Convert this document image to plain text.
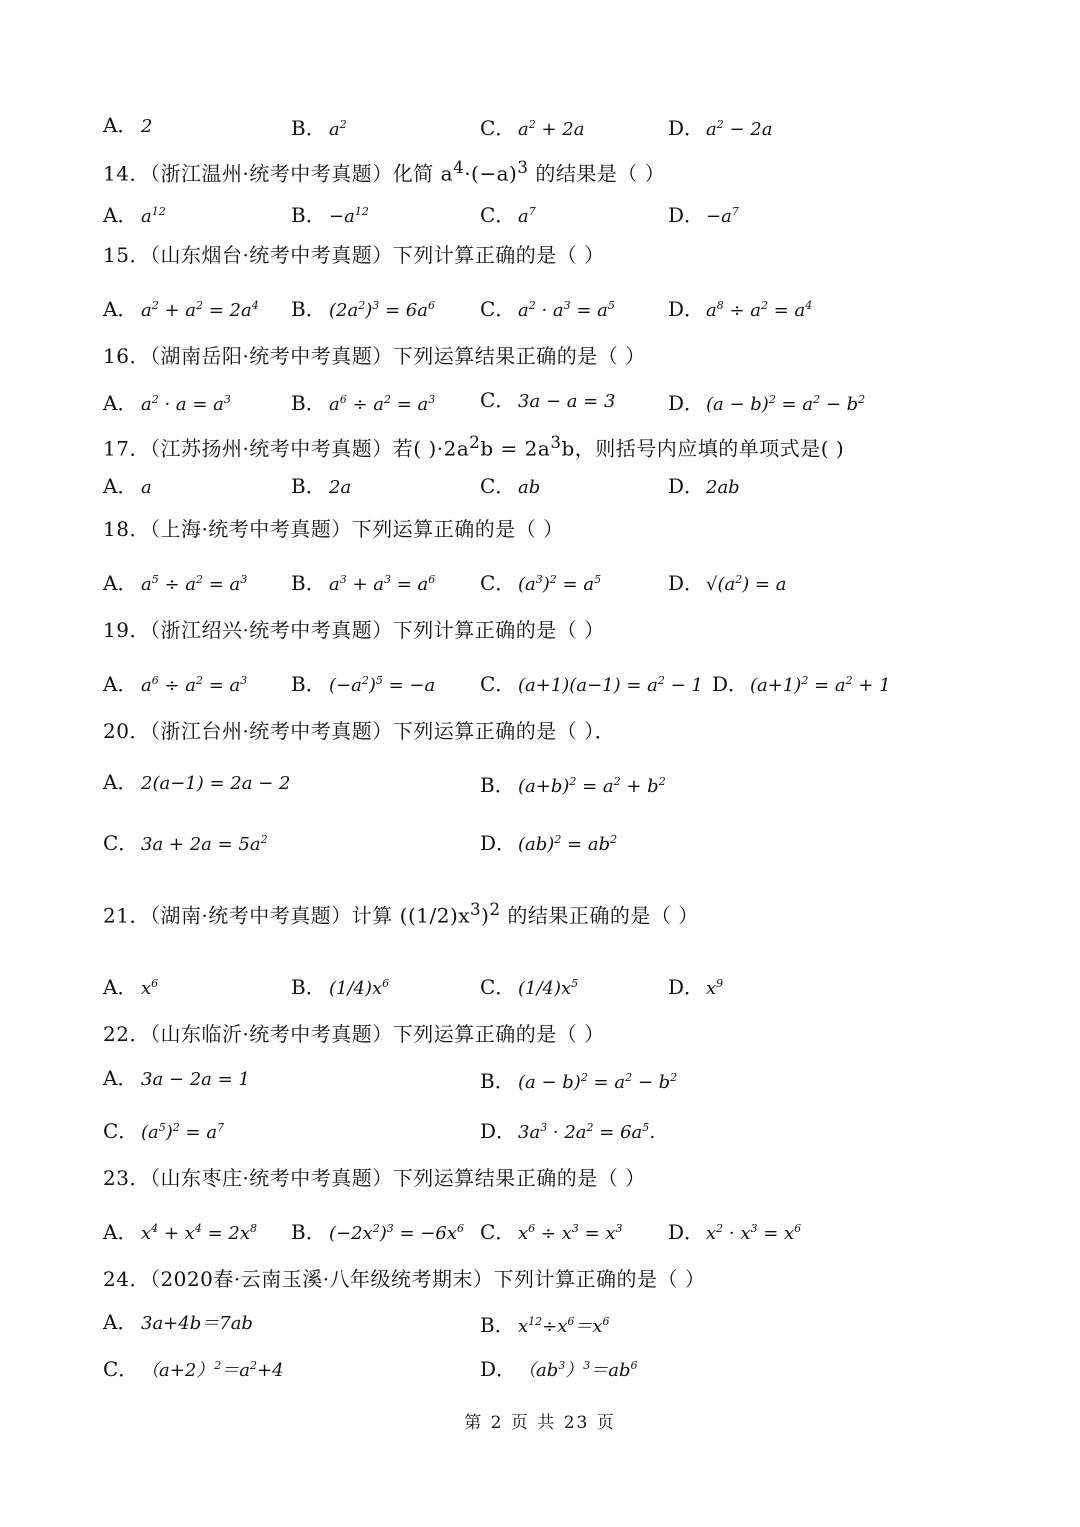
A． 2	B． $a^2$	C． $a^2 + 2a$	D． $a^2 - 2a$
14．（浙江温州·统考中考真题）化简 $a^4\cdot(-a)^3$ 的结果是（ ）
A． $a^{12}$	B． $-a^{12}$	C． $a^7$	D． $-a^7$
15．（山东烟台·统考中考真题）下列计算正确的是（ ）
A． $a^2 + a^2 = 2a^4$ B． $(2a^2)^3 = 6a^6$ C． $a^2 \cdot a^3 = a^5$	D． $a^8 \div a^2 = a^4$
16．（湖南岳阳·统考中考真题）下列运算结果正确的是（ ）
A． $a^2 \cdot a = a^3$	B． $a^6 \div a^2 = a^3$ C． 3a − a = 3	D． $(a - b)^2 = a^2 - b^2$
17．（江苏扬州·统考中考真题）若( )$\cdot 2a^2b = 2a^3b$，则括号内应填的单项式是( )
A． a	B． 2a	C． ab	D． 2ab
18．（上海·统考中考真题）下列运算正确的是（ ）
A． $a^5 \div a^2 = a^3$ B． $a^3 + a^3 = a^6$ C． $(a^3)^2 = a^5$	D． $√(a^2) = a$
19．（浙江绍兴·统考中考真题）下列计算正确的是（ ）
A． $a^6 \div a^2 = a^3$ B． $(-a^2)^5 = -a$ C． $(a+1)(a-1) = a^2 - 1$ D． $(a+1)^2 = a^2 + 1$
20．（浙江台州·统考中考真题）下列运算正确的是（ ）．
A． 2(a−1) = 2a − 2	B． $(a+b)^2 = a^2 + b^2$
C． $3a + 2a = 5a^2$	D． $(ab)^2 = ab^2$
21．（湖南·统考中考真题）计算 $((1/2)x^3)^2$ 的结果正确的是（ ）
A． $x^6$	B． $(1/4)x^6$	C． $(1/4)x^5$	D． $x^9$
22．（山东临沂·统考中考真题）下列运算正确的是（ ）
A． 3a − 2a = 1	B． $(a - b)^2 = a^2 - b^2$
C． $(a^5)^2 = a^7$	D． $3a^3 \cdot 2a^2 = 6a^5$．
23．（山东枣庄·统考中考真题）下列运算结果正确的是（ ）
A． $x^4 + x^4 = 2x^8$ B． $(-2x^2)^3 = -6x^6$ C． $x^6 \div x^3 = x^3$ D． $x^2 \cdot x^3 = x^6$
24．（2020春·云南玉溪·八年级统考期末）下列计算正确的是（ ）
A． 3a+4b＝7ab	B． $x^{12}\div x^6=x^6$
C． $(a+2)^2=a^2+4$	D． $(ab^3)^3=ab^6$
第 2 页 共 23 页
